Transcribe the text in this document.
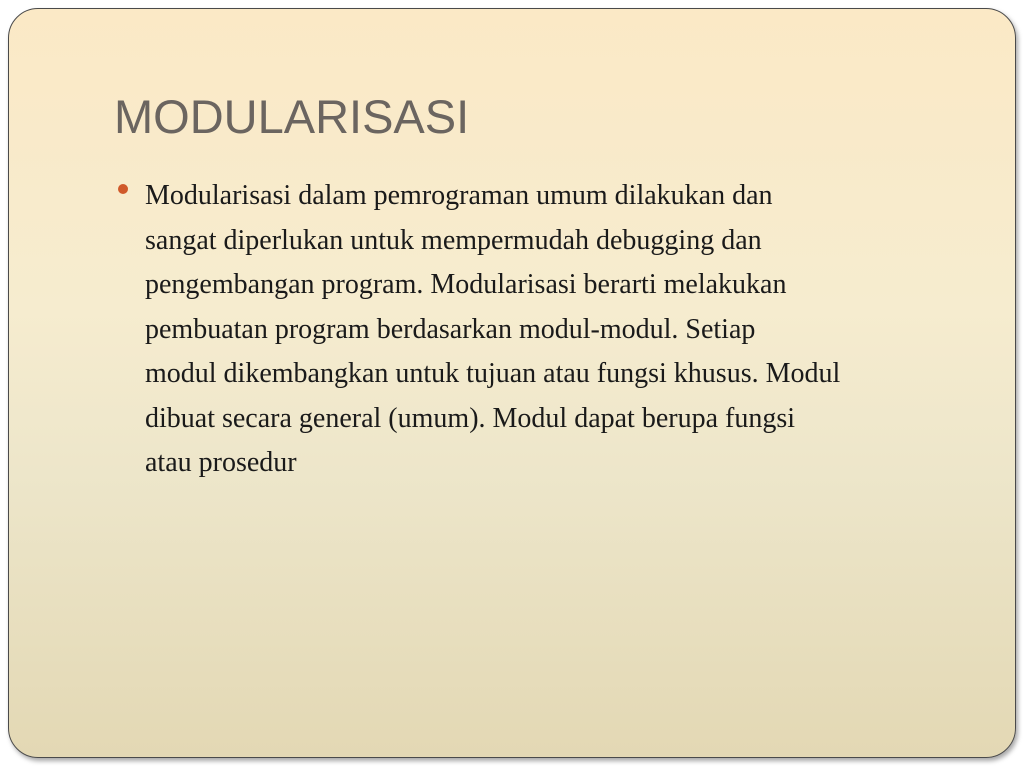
MODULARISASI
Modularisasi dalam pemrograman umum dilakukan dan
sangat diperlukan untuk mempermudah debugging dan
pengembangan program. Modularisasi berarti melakukan
pembuatan program berdasarkan modul-modul. Setiap
modul dikembangkan untuk tujuan atau fungsi khusus. Modul
dibuat secara general (umum). Modul dapat berupa fungsi
atau prosedur
